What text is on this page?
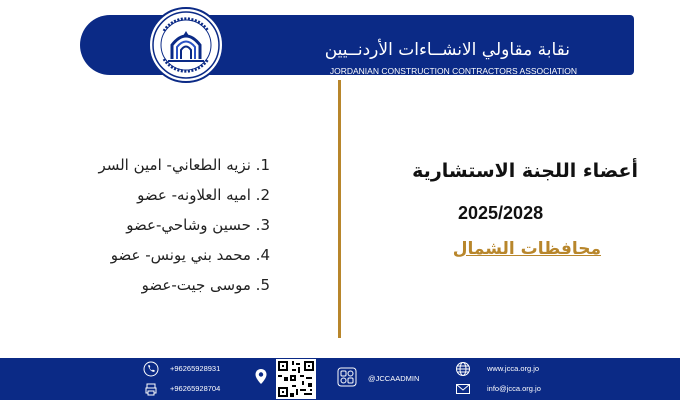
نقابة مقاولي الانشــاءات الأردنــيين
JORDANIAN CONSTRUCTION CONTRACTORS ASSOCIATION
أعضاء اللجنة الاستشارية
2025/2028
محافظات الشمال
1. نزيه الطعاني- امين السر
2. اميه العلاونه- عضو
3. حسين وشاحي-عضو
4. محمد بني يونس- عضو
5. موسى جيت-عضو
+96265928931
+96265928704
@JCCAADMIN
www.jcca.org.jo
info@jcca.org.jo
